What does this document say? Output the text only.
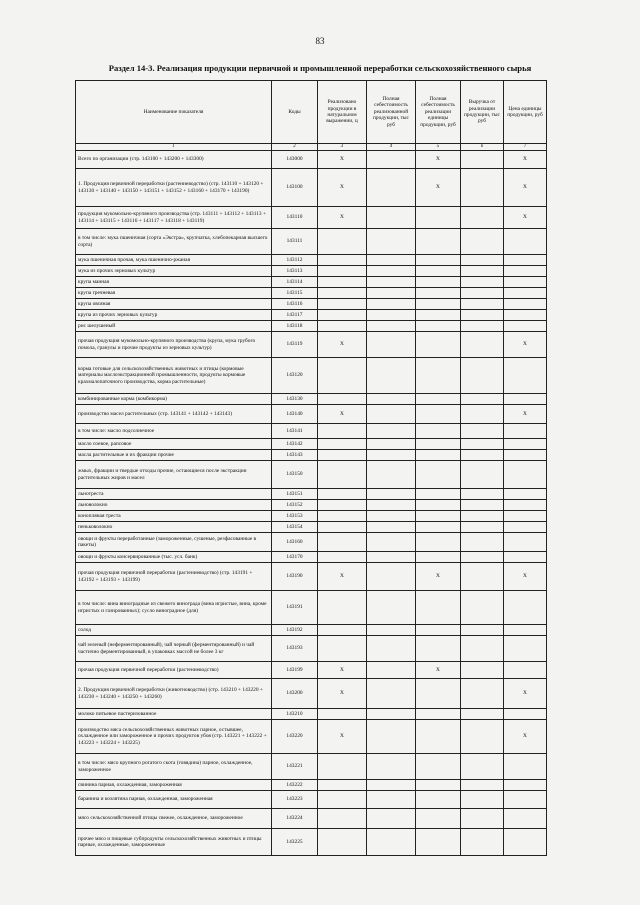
83
Раздел 14-3. Реализация продукции первичной и промышленной переработки сельскохозяйственного сырья
Наименование показателя	Коды	Реализовано продукции в натуральном выражении, ц	Полная себестоимость реализованной продукции, тыс руб	Полная себестоимость реализации единицы продукции, руб	Выручка от реализации продукции, тыс руб	Цена единицы продукции, руб
1	2	3	4	5	6	7
Всего по организации (стр. 143100 + 143200 + 143300)	143000	X		X		X
1. Продукция первичной переработки (растениеводство) (стр. 143110 + 143120 + 143130 + 143140 + 143150 + 143151 + 143152 + 143160 + 143170 + 143190)	143100	X		X		X
продукция мукомольно-крупяного производства (стр. 143111 + 143112 + 143113 + 143114 + 143115 + 143116 + 143117 + 143118 + 143119)	143110	X				X
в том числе: мука пшеничная (сорта «Экстра», крупчатка, хлебопекарная высшего сорта)	143111					
мука пшеничная прочая, мука пшенично-ржаная	143112					
мука из прочих зерновых культур	143113					
крупа манная	143114					
крупа гречневая	143115					
крупа овсяная	143116					
крупа из прочих зерновых культур	143117					
рис шелушеный	143118					
прочая продукция мукомольно-крупяного производства (крупа, мука грубого помола, гранулы и прочие продукты из зерновых культур)	143119	X				X
корма готовые для сельскохозяйственных животных и птицы (кормовые материалы маслоэкстракционной промышленности, продукты кормовые крахмалопаточного производства, корма растительные)	143120					
комбинированные корма (комбикорма)	143130					
производство масел растительных (стр. 143141 + 143142 + 143143)	143140	X				X
в том числе: масло подсолнечное	143141					
масло соевое, рапсовое	143142					
масла растительные и их фракции прочие	143143					
жмых, фракции и твердые отходы прочие, остающиеся после экстракции растительных жиров и масел	143150					
льнотреста	143151					
льноволокно	143152					
конопляная треста	143153					
пеньковолокно	143154					
овощи и фрукты переработанные (замороженные, сушеные, резфасованные в пакеты)	143160					
овощи и фрукты консервированные (тыс. усл. банк)	143170					
прочая продукция первичной переработки (растениеводство) (стр. 143191 + 143192 + 143193 + 143199)	143190	X		X		X
в том числе: вина виноградные из свежего винограда (вина игристые, вина, кроме игристых и газированных); сусло виноградное (для)	143191					
солод	143192					
чай зеленый (неферментированный), чай черный (ферментированный) и чай частично ферментированный, в упаковках массой не более 3 кг	143193					
прочая продукция первичной переработки (растениеводство)	143199	X		X		
2. Продукция первичной переработки (животноводство) (стр. 143210 + 143220 + 143230 + 143240 + 143250 + 143260)	143200	X				X
молоко питьевое пастеризованное	143210					
производство мяса сельскохозяйственных животных парное, остывшее, охлажденное или замороженное и прочих продуктов убоя (стр. 143221 + 143222 + 143223 + 143224 + 143225)	143220	X				X
в том числе: мясо крупного рогатого скота (говядина) парное, охлажденное, замороженное	143221					
свинина парная, охлажденная, замороженная	143222					
баранина и козлятина парная, охлажденная, замороженная	143223					
мясо сельскохозяйственной птицы свежее, охлажденное, замороженное	143224					
прочее мясо и пищевые субпродукты сельскохозяйственных животных и птицы парные, охлажденные, замороженные	143225					
